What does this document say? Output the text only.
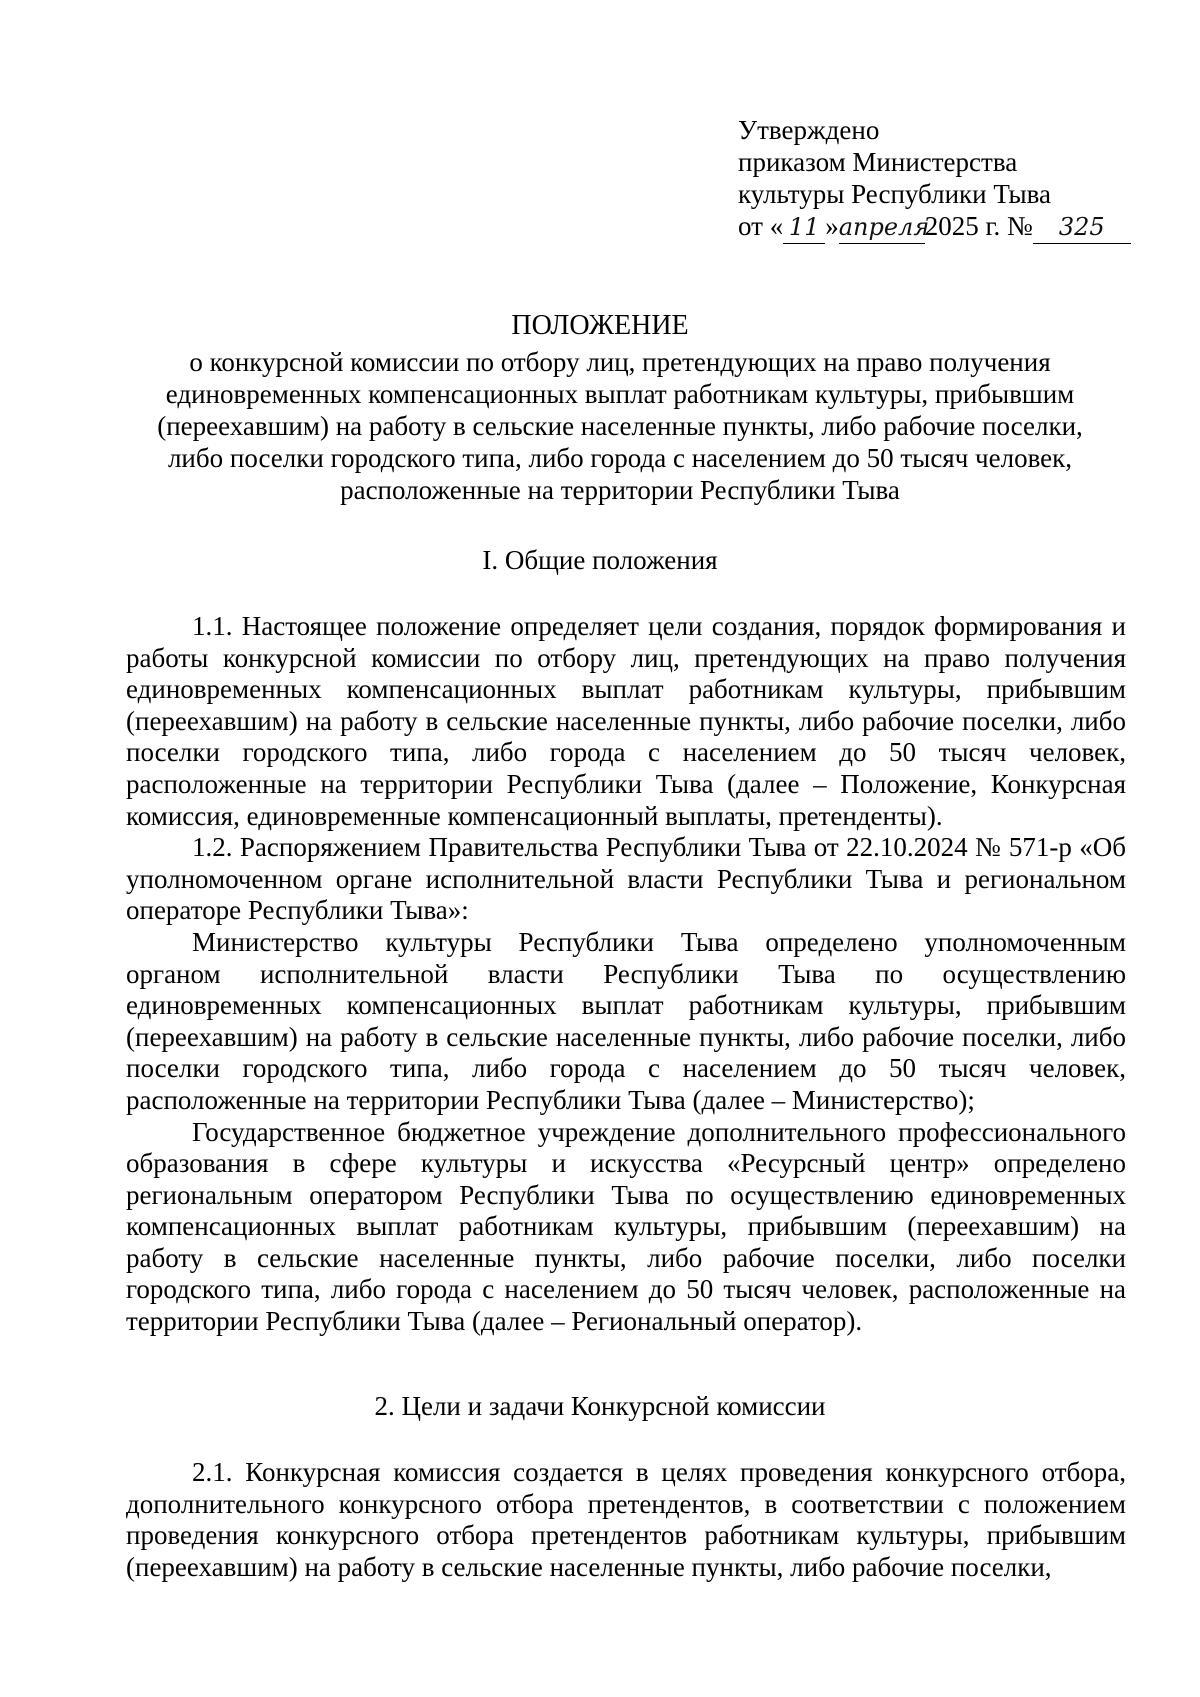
Утверждено
приказом Министерства
культуры Республики Тыва
от « 11 »апреля2025 г. № 325
ПОЛОЖЕНИЕ
о конкурсной комиссии по отбору лиц, претендующих на право получения единовременных компенсационных выплат работникам культуры, прибывшим (переехавшим) на работу в сельские населенные пункты, либо рабочие поселки, либо поселки городского типа, либо города с населением до 50 тысяч человек, расположенные на территории Республики Тыва
I. Общие положения

1.1. Настоящее положение определяет цели создания, порядок формирования и работы конкурсной комиссии по отбору лиц, претендующих на право получения единовременных компенсационных выплат работникам культуры, прибывшим (переехавшим) на работу в сельские населенные пункты, либо рабочие поселки, либо поселки городского типа, либо города с населением до 50 тысяч человек, расположенные на территории Республики Тыва (далее – Положение, Конкурсная комиссия, единовременные компенсационный выплаты, претенденты).

1.2. Распоряжением Правительства Республики Тыва от 22.10.2024 № 571-р «Об уполномоченном органе исполнительной власти Республики Тыва и региональном операторе Республики Тыва»:

Министерство культуры Республики Тыва определено уполномоченным органом исполнительной власти Республики Тыва по осуществлению единовременных компенсационных выплат работникам культуры, прибывшим (переехавшим) на работу в сельские населенные пункты, либо рабочие поселки, либо поселки городского типа, либо города с населением до 50 тысяч человек, расположенные на территории Республики Тыва (далее – Министерство);

Государственное бюджетное учреждение дополнительного профессионального образования в сфере культуры и искусства «Ресурсный центр» определено региональным оператором Республики Тыва по осуществлению единовременных компенсационных выплат работникам культуры, прибывшим (переехавшим) на работу в сельские населенные пункты, либо рабочие поселки, либо поселки городского типа, либо города с населением до 50 тысяч человек, расположенные на территории Республики Тыва (далее – Региональный оператор).

2. Цели и задачи Конкурсной комиссии

2.1. Конкурсная комиссия создается в целях проведения конкурсного отбора, дополнительного конкурсного отбора претендентов, в соответствии с положением проведения конкурсного отбора претендентов работникам культуры, прибывшим (переехавшим) на работу в сельские населенные пункты, либо рабочие поселки,
